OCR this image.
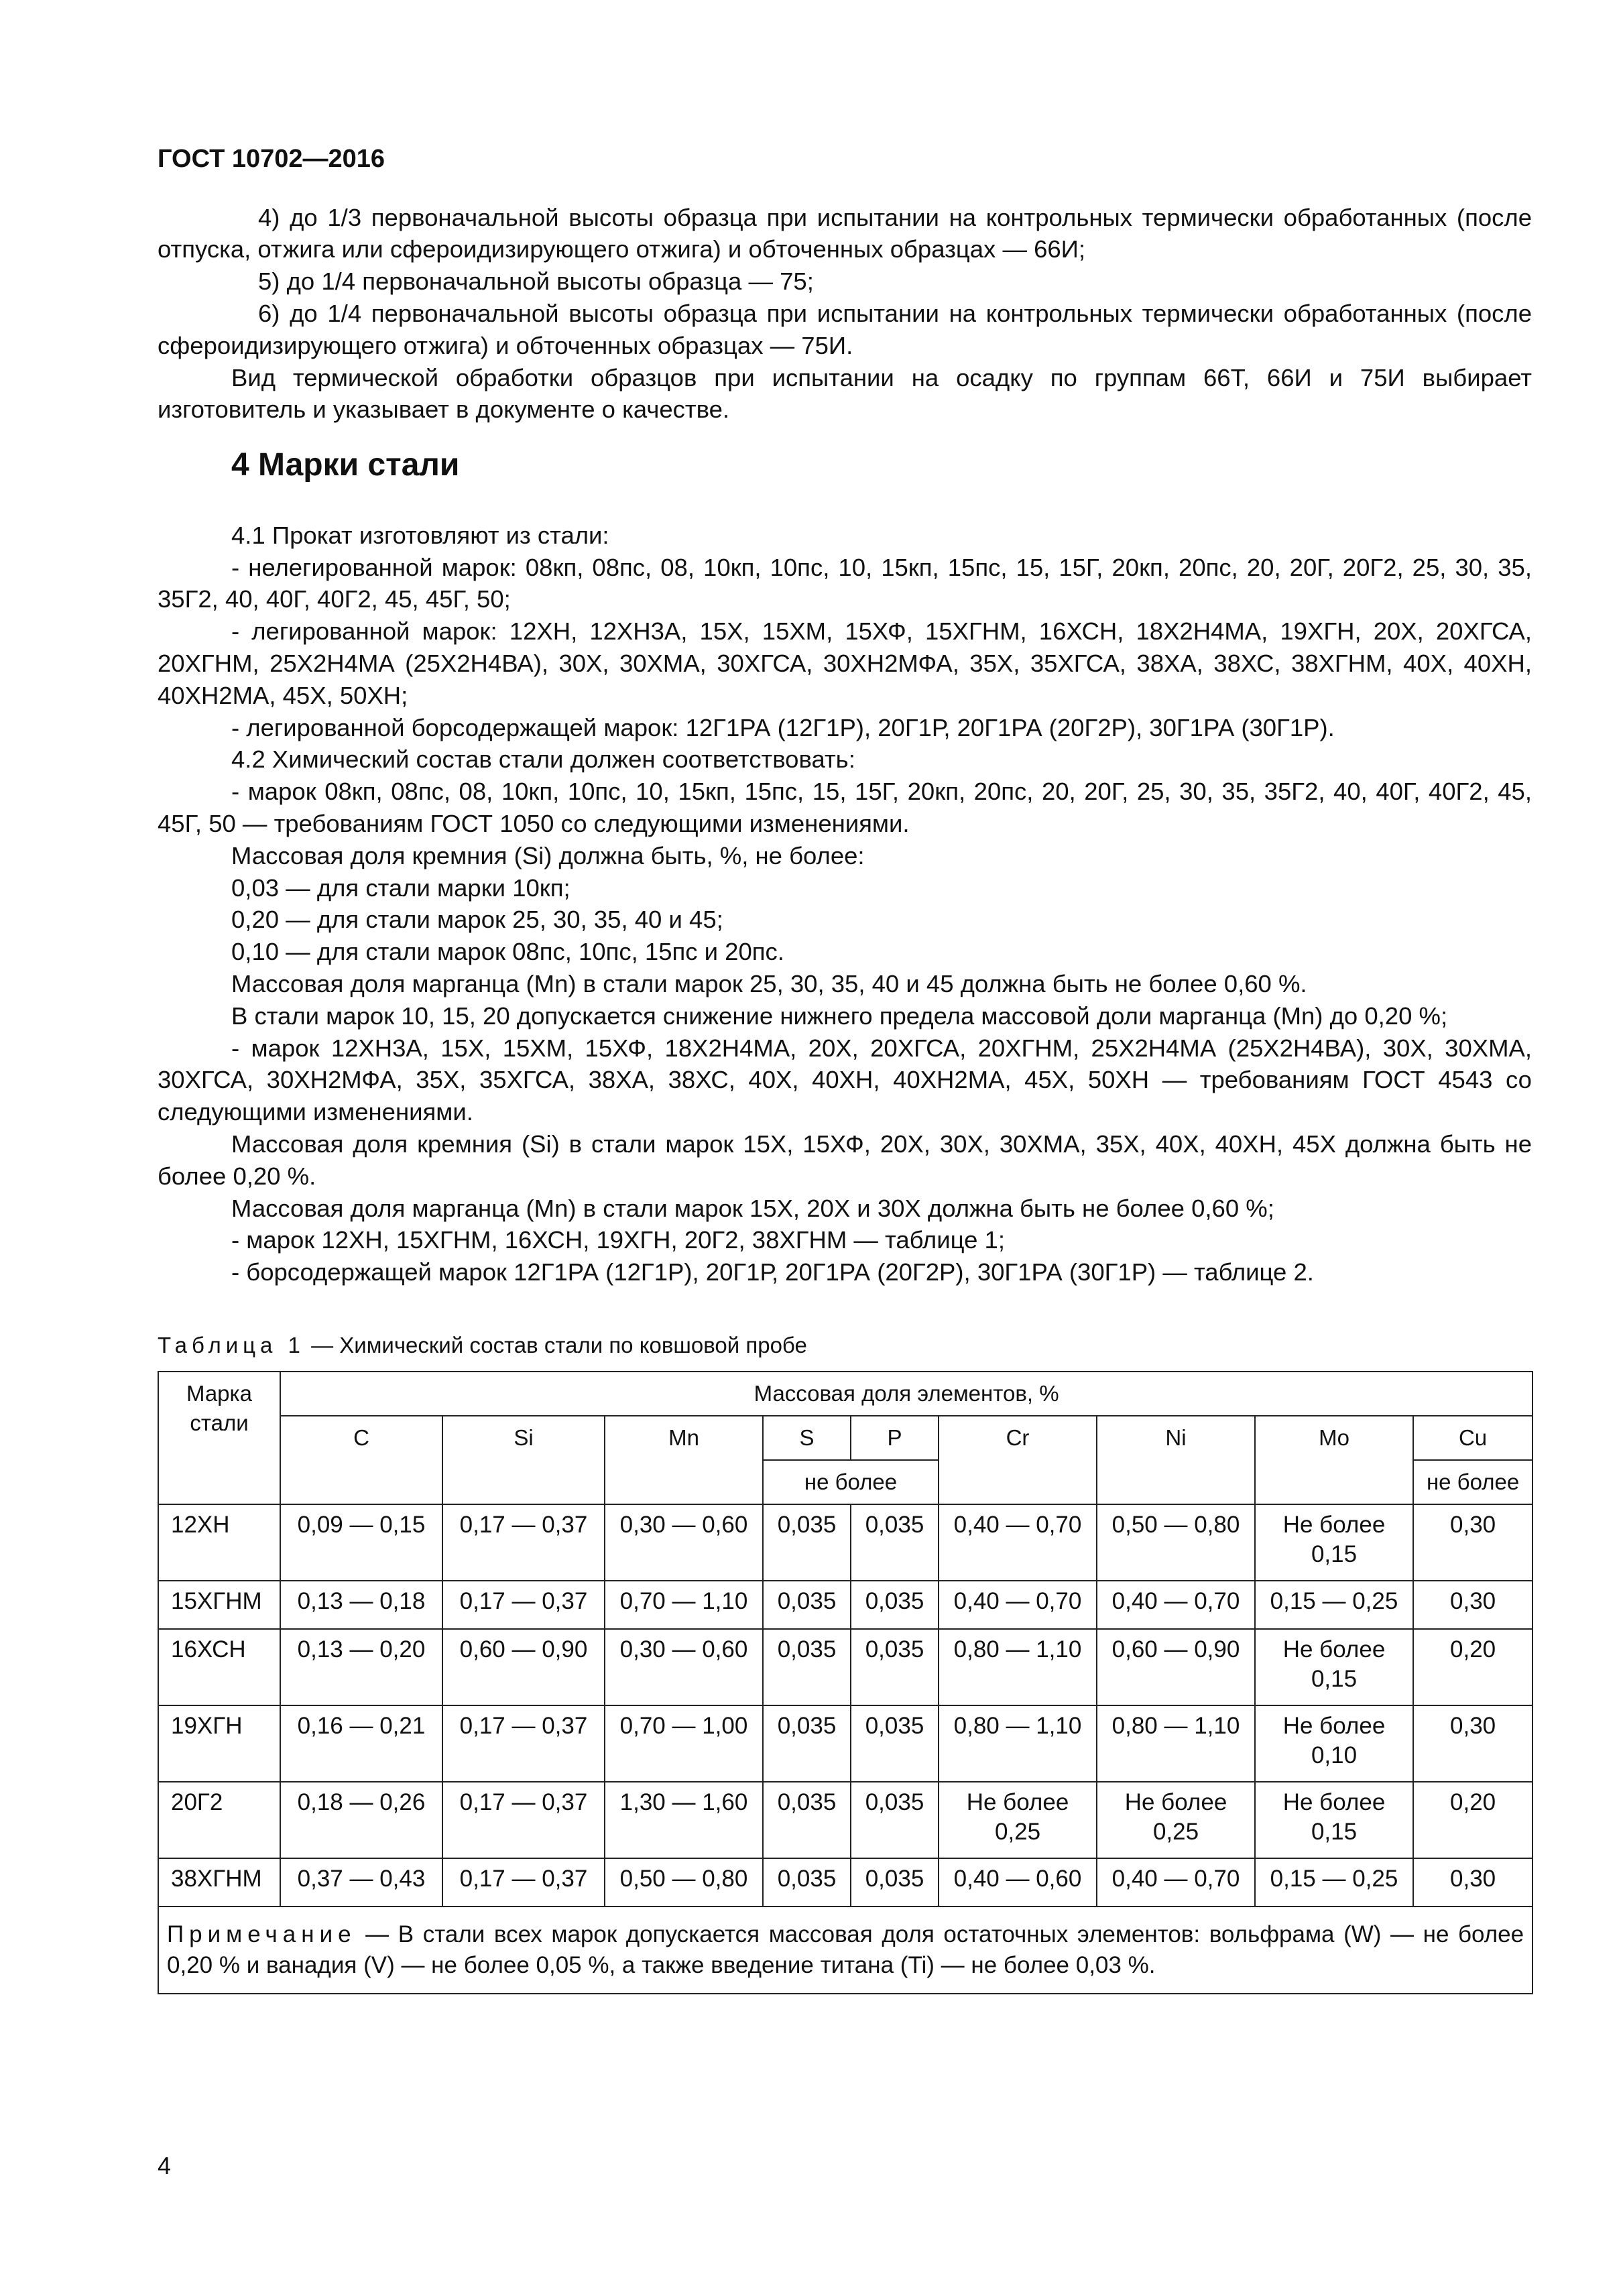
ГОСТ 10702—2016

4) до 1/3 первоначальной высоты образца при испытании на контрольных термически обработанных (после отпуска, отжига или сфероидизирующего отжига) и обточенных образцах — 66И;

5) до 1/4 первоначальной высоты образца — 75;

6) до 1/4 первоначальной высоты образца при испытании на контрольных термически обработанных (после сфероидизирующего отжига) и обточенных образцах — 75И.

Вид термической обработки образцов при испытании на осадку по группам 66Т, 66И и 75И выбирает изготовитель и указывает в документе о качестве.

4 Марки стали

4.1 Прокат изготовляют из стали:

- нелегированной марок: 08кп, 08пс, 08, 10кп, 10пс, 10, 15кп, 15пс, 15, 15Г, 20кп, 20пс, 20, 20Г, 20Г2, 25, 30, 35, 35Г2, 40, 40Г, 40Г2, 45, 45Г, 50;

- легированной марок: 12ХН, 12ХН3А, 15Х, 15ХМ, 15ХФ, 15ХГНМ, 16ХСН, 18Х2Н4МА, 19ХГН, 20Х, 20ХГСА, 20ХГНМ, 25Х2Н4МА (25Х2Н4ВА), 30Х, 30ХМА, 30ХГСА, 30ХН2МФА, 35Х, 35ХГСА, 38ХА, 38ХС, 38ХГНМ, 40Х, 40ХН, 40ХН2МА, 45Х, 50ХН;

- легированной борсодержащей марок: 12Г1РА (12Г1Р), 20Г1Р, 20Г1РА (20Г2Р), 30Г1РА (30Г1Р).

4.2 Химический состав стали должен соответствовать:

- марок 08кп, 08пс, 08, 10кп, 10пс, 10, 15кп, 15пс, 15, 15Г, 20кп, 20пс, 20, 20Г, 25, 30, 35, 35Г2, 40, 40Г, 40Г2, 45, 45Г, 50 — требованиям ГОСТ 1050 со следующими изменениями.

Массовая доля кремния (Si) должна быть, %, не более:

0,03 — для стали марки 10кп;

0,20 — для стали марок 25, 30, 35, 40 и 45;

0,10 — для стали марок 08пс, 10пс, 15пс и 20пс.

Массовая доля марганца (Mn) в стали марок 25, 30, 35, 40 и 45 должна быть не более 0,60 %.

В стали марок 10, 15, 20 допускается снижение нижнего предела массовой доли марганца (Mn) до 0,20 %;

- марок 12ХН3А, 15Х, 15ХМ, 15ХФ, 18Х2Н4МА, 20Х, 20ХГСА, 20ХГНМ, 25Х2Н4МА (25Х2Н4ВА), 30Х, 30ХМА, 30ХГСА, 30ХН2МФА, 35Х, 35ХГСА, 38ХА, 38ХС, 40Х, 40ХН, 40ХН2МА, 45Х, 50ХН — требованиям ГОСТ 4543 со следующими изменениями.

Массовая доля кремния (Si) в стали марок 15Х, 15ХФ, 20Х, 30Х, 30ХМА, 35Х, 40Х, 40ХН, 45Х должна быть не более 0,20 %.

Массовая доля марганца (Mn) в стали марок 15Х, 20Х и 30Х должна быть не более 0,60 %;

- марок 12ХН, 15ХГНМ, 16ХСН, 19ХГН, 20Г2, 38ХГНМ — таблице 1;

- борсодержащей марок 12Г1РА (12Г1Р), 20Г1Р, 20Г1РА (20Г2Р), 30Г1РА (30Г1Р) — таблице 2.

Таблица 1 — Химический состав стали по ковшовой пробе
Марка стали	Массовая доля элементов, %								
	C	Si	Mn	S	P	Cr	Ni	Mo	Cu
				не более					не более
12ХН	0,09 — 0,15	0,17 — 0,37	0,30 — 0,60	0,035	0,035	0,40 — 0,70	0,50 — 0,80	Не более 0,15	0,30
15ХГНМ	0,13 — 0,18	0,17 — 0,37	0,70 — 1,10	0,035	0,035	0,40 — 0,70	0,40 — 0,70	0,15 — 0,25	0,30
16ХСН	0,13 — 0,20	0,60 — 0,90	0,30 — 0,60	0,035	0,035	0,80 — 1,10	0,60 — 0,90	Не более 0,15	0,20
19ХГН	0,16 — 0,21	0,17 — 0,37	0,70 — 1,00	0,035	0,035	0,80 — 1,10	0,80 — 1,10	Не более 0,10	0,30
20Г2	0,18 — 0,26	0,17 — 0,37	1,30 — 1,60	0,035	0,035	Не более 0,25	Не более 0,25	Не более 0,15	0,20
38ХГНМ	0,37 — 0,43	0,17 — 0,37	0,50 — 0,80	0,035	0,035	0,40 — 0,60	0,40 — 0,70	0,15 — 0,25	0,30
Примечание — В стали всех марок допускается массовая доля остаточных элементов: вольфрама (W) — не более 0,20 % и ванадия (V) — не более 0,05 %, а также введение титана (Ti) — не более 0,03 %.									
4
